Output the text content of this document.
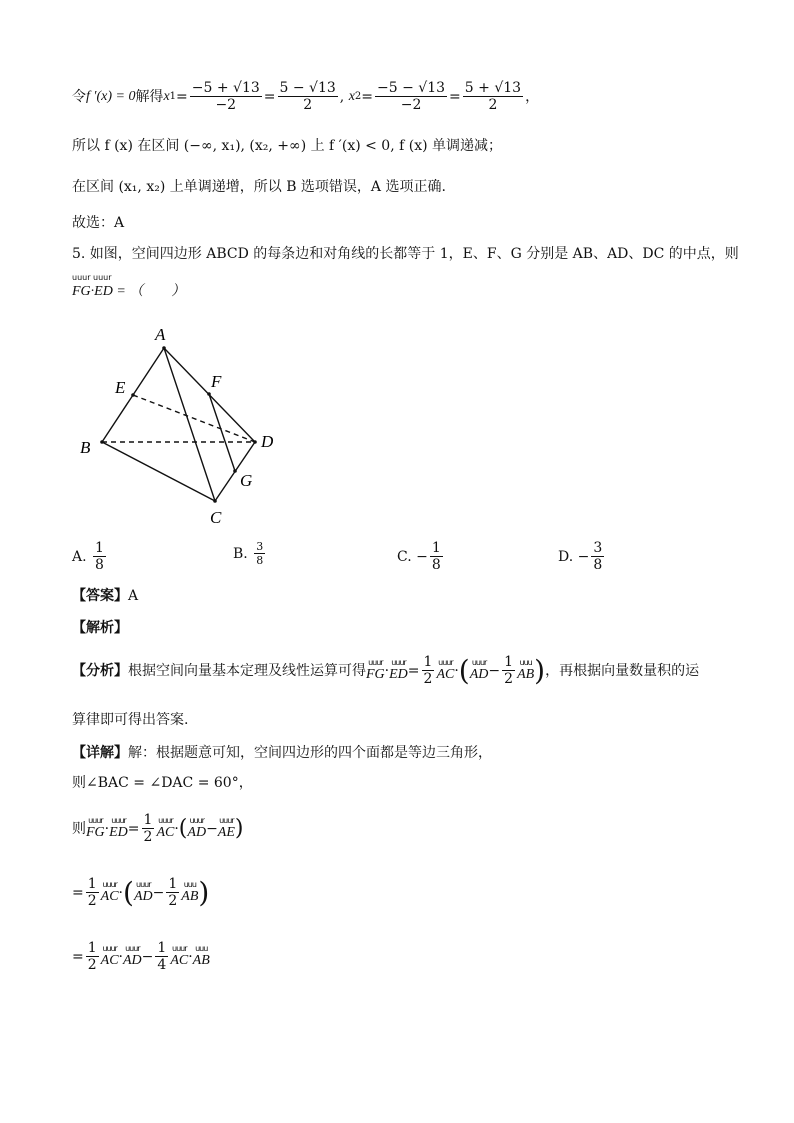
令 f ′(x) = 0 解得 x $1 = \frac{-5 + √13}{-2} = \frac{5 - √13}{2}$ , x $2 = \frac{-5 - √13}{-2} = \frac{5 + √13}{2}$ ，
所以 f (x) 在区间 (−∞, x₁), (x₂, +∞) 上 f ′(x) < 0, f (x) 单调递减；
在区间 (x₁, x₂) 上单调递增，所以 B 选项错误，A 选项正确.
故选：A
5. 如图，空间四边形 ABCD 的每条边和对角线的长都等于 1，E、F、G 分别是 AB、AD、DC 的中点，则
uuur uuur
FG·ED = （　　）
A
B
C
D
E	F
G
A.
$\frac{1}{8}$	B.
$\frac{3}{8}$	C.
− $\frac{1}{8}$	D.
− $\frac{3}{8}$
【答案】 A
【解析】
【分析】 根据空间向量基本定理及线性运算可得
uuur
FG ·
uuur
ED = $\frac{1}{2}$ uuur
AC · ( uuur
AD − $\frac{1}{2}$ uuu
AB ) ，再根据向量数量积的运
算律即可得出答案.
【详解】 解：根据题意可知，空间四边形的四个面都是等边三角形，
则∠BAC = ∠DAC = 60°，
则
uuur
FG ·
uuur
ED = $\frac{1}{2}$ uuur
AC · ( uuur
AD −
uuur
AE )
= $\frac{1}{2}$ uuur
AC · ( uuur
AD − $\frac{1}{2}$ uuu
AB )
= $\frac{1}{2}$ uuur
AC ·
uuur
AD − $\frac{1}{4}$ uuur
AC ·
uuu
AB
